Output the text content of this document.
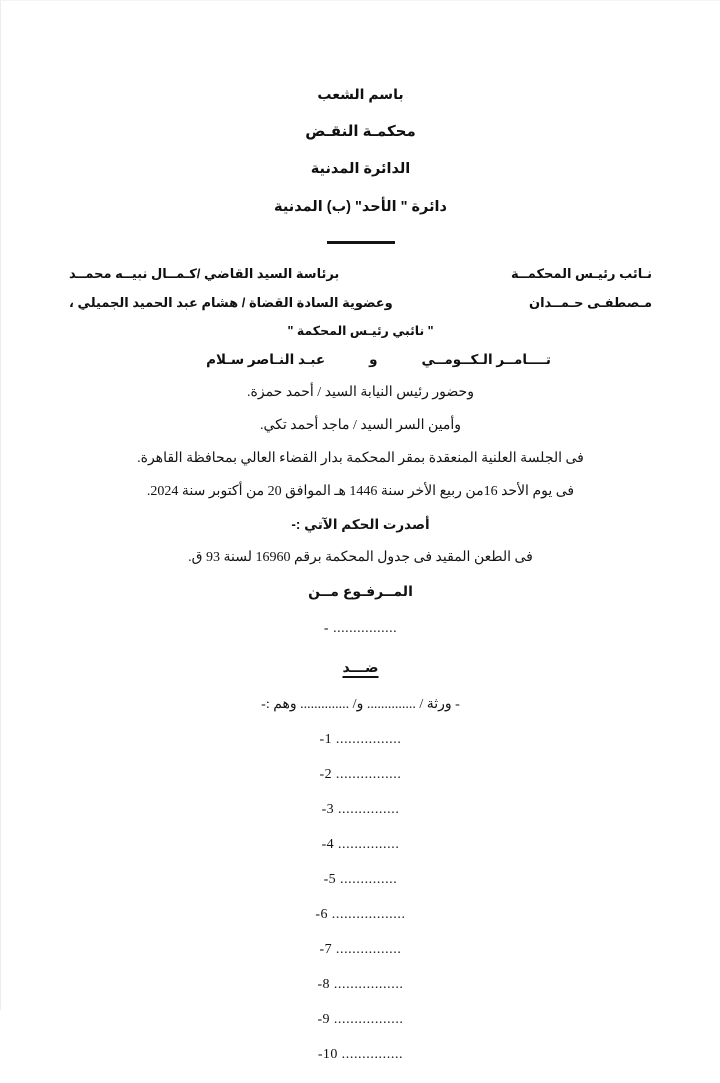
باسم الشعب
محكمـة النقـض
الدائرة المدنية
دائرة " الأحد" (ب) المدنية
نـائب رئيـس المحكمــة
برئاسة السيد القاضي /كـمــال نبيــه محمــد
مـصطفـى حـمــدان
وعضوية السادة القضاة / هشام عبد الحميد الجميلي ،
" نائبي رئيـس المحكمة "
تــــامــر الـكــومــي
و
عبـد النـاصر سـلام
وحضور رئيس النيابة السيد / أحمد حمزة.
وأمين السر السيد / ماجد أحمد تكي.
فى الجلسة العلنية المنعقدة بمقر المحكمة بدار القضاء العالي بمحافظة القاهرة.
فى يوم الأحد 16من ربيع الأخر سنة 1446 هـ الموافق 20 من أكتوبر سنة 2024.
أصدرت الحكم الآتي :-
فى الطعن المقيد فى جدول المحكمة برقم 16960 لسنة 93 ق.
المــرفـوع مــن
................ -
ضـــد
- ورثة / .............. و/ .............. وهم :-
................ 1-
................ 2-
............... 3-
............... 4-
.............. 5-
.................. 6-
................ 7-
................. 8-
................. 9-
............... 10-
